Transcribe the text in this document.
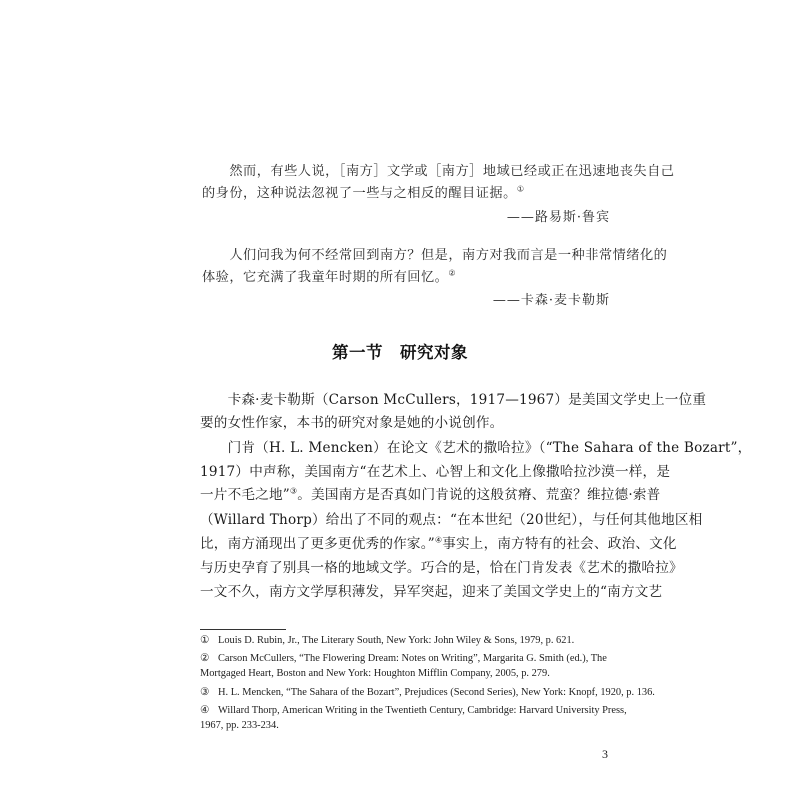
　　然而，有些人说，［南方］文学或［南方］地域已经或正在迅速地丧失自己
的身份，这种说法忽视了一些与之相反的醒目证据。①
——路易斯·鲁宾
　　人们问我为何不经常回到南方？但是，南方对我而言是一种非常情绪化的
体验，它充满了我童年时期的所有回忆。②
——卡森·麦卡勒斯
第一节　研究对象
　　卡森·麦卡勒斯（Carson McCullers，1917—1967）是美国文学史上一位重
要的女性作家，本书的研究对象是她的小说创作。
　　门肯（H. L. Mencken）在论文《艺术的撒哈拉》（“The Sahara of the Bozart”，
1917）中声称，美国南方“在艺术上、心智上和文化上像撒哈拉沙漠一样，是
一片不毛之地”③。美国南方是否真如门肯说的这般贫瘠、荒蛮？维拉德·索普
（Willard Thorp）给出了不同的观点：“在本世纪（20世纪），与任何其他地区相
比，南方涌现出了更多更优秀的作家。”④事实上，南方特有的社会、政治、文化
与历史孕育了别具一格的地域文学。巧合的是，恰在门肯发表《艺术的撒哈拉》
一文不久，南方文学厚积薄发，异军突起，迎来了美国文学史上的“南方文艺
① Louis D. Rubin, Jr., The Literary South, New York: John Wiley & Sons, 1979, p. 621.
② Carson McCullers, “The Flowering Dream: Notes on Writing”, Margarita G. Smith (ed.), The
Mortgaged Heart, Boston and New York: Houghton Mifflin Company, 2005, p. 279.
③ H. L. Mencken, “The Sahara of the Bozart”, Prejudices (Second Series), New York: Knopf, 1920, p. 136.
④ Willard Thorp, American Writing in the Twentieth Century, Cambridge: Harvard University Press,
1967, pp. 233-234.
3
